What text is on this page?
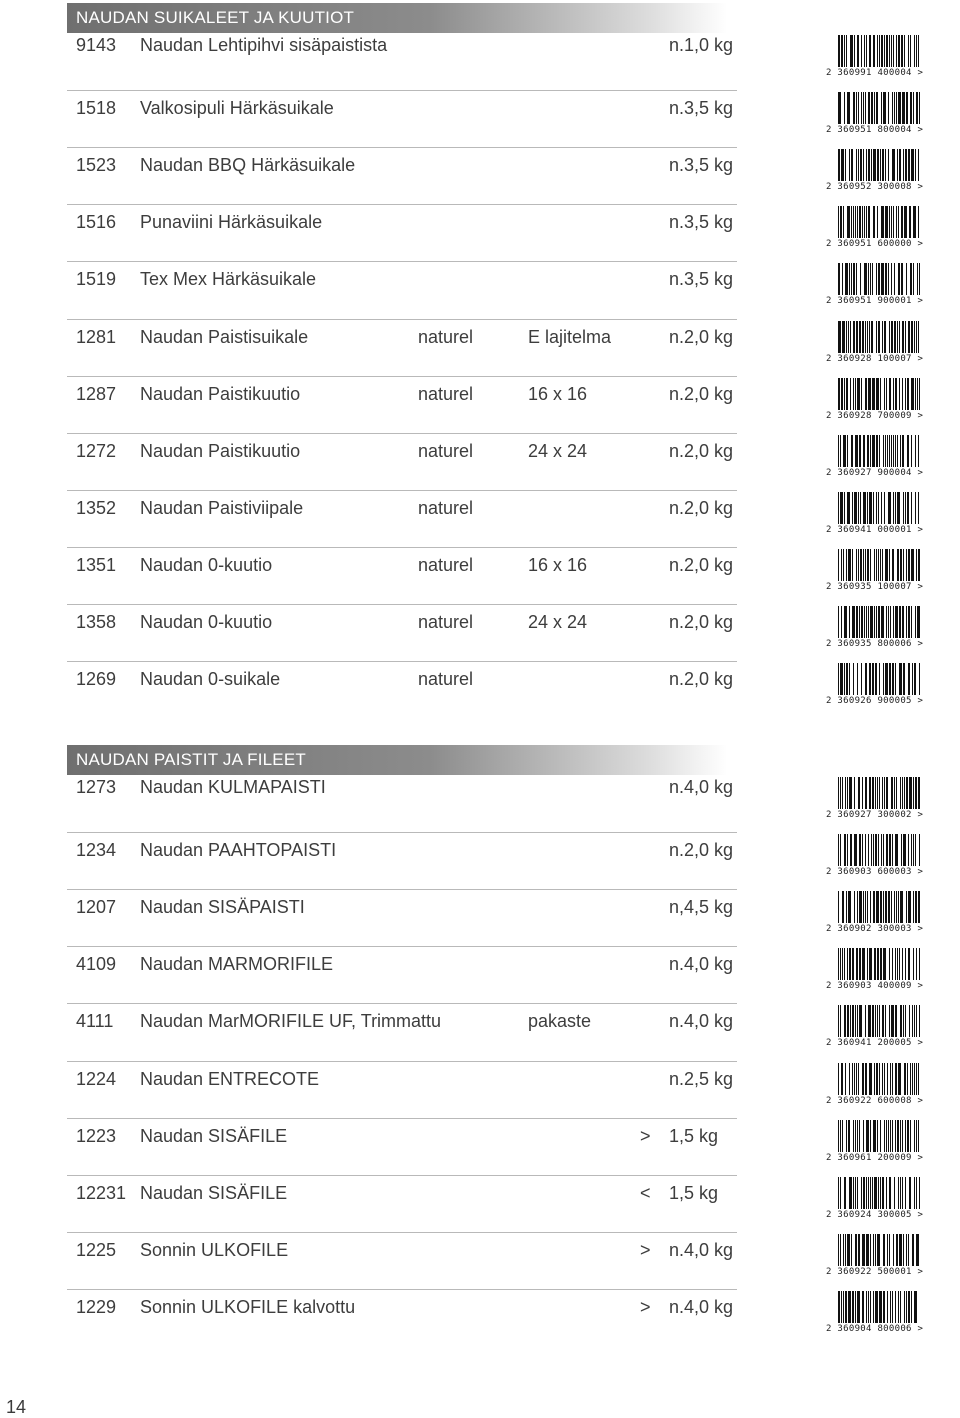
NAUDAN SUIKALEET JA KUUTIOT
9143 Naudan Lehtipihvi sisäpaistista	n.1,0 kg
2 360991 400004 >
1518 Valkosipuli Härkäsuikale	n.3,5 kg
2 360951 800004 >
1523 Naudan BBQ Härkäsuikale	n.3,5 kg
2 360952 300008 >
1516 Punaviini Härkäsuikale	n.3,5 kg
2 360951 600000 >
1519 Tex Mex Härkäsuikale	n.3,5 kg
2 360951 900001 >
1281 Naudan Paistisuikale	naturel	E lajitelma	n.2,0 kg
2 360928 100007 >
1287 Naudan Paistikuutio	naturel	16 x 16	n.2,0 kg
2 360928 700009 >
1272 Naudan Paistikuutio	naturel	24 x 24	n.2,0 kg
2 360927 900004 >
1352 Naudan Paistiviipale	naturel	n.2,0 kg
2 360941 000001 >
1351 Naudan 0-kuutio	naturel	16 x 16	n.2,0 kg
2 360935 100007 >
1358 Naudan 0-kuutio	naturel	24 x 24	n.2,0 kg
2 360935 800006 >
1269 Naudan 0-suikale	naturel	n.2,0 kg
2 360926 900005 >
NAUDAN PAISTIT JA FILEET
1273 Naudan KULMAPAISTI	n.4,0 kg
2 360927 300002 >
1234 Naudan PAAHTOPAISTI	n.2,0 kg
2 360903 600003 >
1207 Naudan SISÄPAISTI	n,4,5 kg
2 360902 300003 >
4109 Naudan MARMORIFILE	n.4,0 kg
2 360903 400009 >
4111 Naudan MarMORIFILE UF, Trimmattu	pakaste	n.4,0 kg
2 360941 200005 >
1224 Naudan ENTRECOTE	n.2,5 kg
2 360922 600008 >
1223 Naudan SISÄFILE	> 1,5 kg
2 360961 200009 >
12231 Naudan SISÄFILE	< 1,5 kg
2 360924 300005 >
1225 Sonnin ULKOFILE	> n.4,0 kg
2 360922 500001 >
1229 Sonnin ULKOFILE kalvottu	> n.4,0 kg
2 360904 800006 >
14
